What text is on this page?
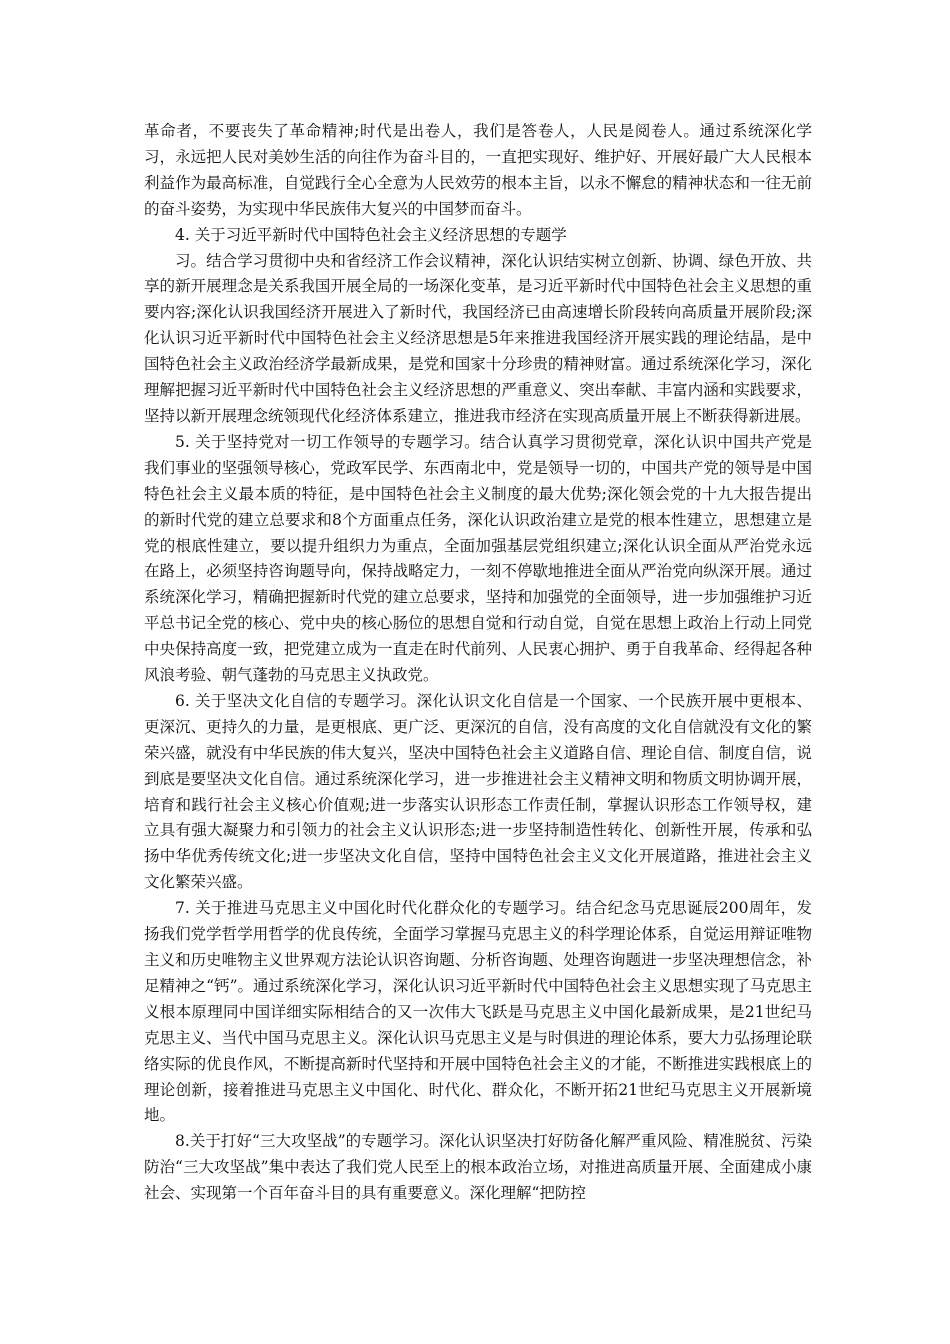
革命者，不要丧失了革命精神;时代是出卷人，我们是答卷人，人民是阅卷人。通过系统深化学习，永远把人民对美妙生活的向往作为奋斗目的，一直把实现好、维护好、开展好最广大人民根本利益作为最高标准，自觉践行全心全意为人民效劳的根本主旨，以永不懈怠的精神状态和一往无前的奋斗姿势，为实现中华民族伟大复兴的中国梦而奋斗。

4. 关于习近平新时代中国特色社会主义经济思想的专题学

习。结合学习贯彻中央和省经济工作会议精神，深化认识结实树立创新、协调、绿色开放、共享的新开展理念是关系我国开展全局的一场深化变革，是习近平新时代中国特色社会主义思想的重要内容;深化认识我国经济开展进入了新时代，我国经济已由高速增长阶段转向高质量开展阶段;深化认识习近平新时代中国特色社会主义经济思想是5年来推进我国经济开展实践的理论结晶，是中国特色社会主义政治经济学最新成果，是党和国家十分珍贵的精神财富。通过系统深化学习，深化理解把握习近平新时代中国特色社会主义经济思想的严重意义、突出奉献、丰富内涵和实践要求，坚持以新开展理念统领现代化经济体系建立，推进我市经济在实现高质量开展上不断获得新进展。

5. 关于坚持党对一切工作领导的专题学习。结合认真学习贯彻党章，深化认识中国共产党是我们事业的坚强领导核心，党政军民学、东西南北中，党是领导一切的，中国共产党的领导是中国特色社会主义最本质的特征，是中国特色社会主义制度的最大优势;深化领会党的十九大报告提出的新时代党的建立总要求和8个方面重点任务，深化认识政治建立是党的根本性建立，思想建立是党的根底性建立，要以提升组织力为重点，全面加强基层党组织建立;深化认识全面从严治党永远在路上，必须坚持咨询题导向，保持战略定力，一刻不停歇地推进全面从严治党向纵深开展。通过系统深化学习，精确把握新时代党的建立总要求，坚持和加强党的全面领导，进一步加强维护习近平总书记全党的核心、党中央的核心肠位的思想自觉和行动自觉，自觉在思想上政治上行动上同党中央保持高度一致，把党建立成为一直走在时代前列、人民衷心拥护、勇于自我革命、经得起各种风浪考验、朝气蓬勃的马克思主义执政党。

6. 关于坚决文化自信的专题学习。深化认识文化自信是一个国家、一个民族开展中更根本、更深沉、更持久的力量，是更根底、更广泛、更深沉的自信，没有高度的文化自信就没有文化的繁荣兴盛，就没有中华民族的伟大复兴，坚决中国特色社会主义道路自信、理论自信、制度自信，说到底是要坚决文化自信。通过系统深化学习，进一步推进社会主义精神文明和物质文明协调开展，培育和践行社会主义核心价值观;进一步落实认识形态工作责任制，掌握认识形态工作领导权，建立具有强大凝聚力和引领力的社会主义认识形态;进一步坚持制造性转化、创新性开展，传承和弘扬中华优秀传统文化;进一步坚决文化自信，坚持中国特色社会主义文化开展道路，推进社会主义文化繁荣兴盛。

7. 关于推进马克思主义中国化时代化群众化的专题学习。结合纪念马克思诞辰200周年，发扬我们党学哲学用哲学的优良传统，全面学习掌握马克思主义的科学理论体系，自觉运用辩证唯物主义和历史唯物主义世界观方法论认识咨询题、分析咨询题、处理咨询题进一步坚决理想信念，补足精神之“钙”。通过系统深化学习，深化认识习近平新时代中国特色社会主义思想实现了马克思主义根本原理同中国详细实际相结合的又一次伟大飞跃是马克思主义中国化最新成果，是21世纪马克思主义、当代中国马克思主义。深化认识马克思主义是与时俱进的理论体系，要大力弘扬理论联络实际的优良作风，不断提高新时代坚持和开展中国特色社会主义的才能，不断推进实践根底上的理论创新，接着推进马克思主义中国化、时代化、群众化，不断开拓21世纪马克思主义开展新境地。

8.关于打好“三大攻坚战”的专题学习。深化认识坚决打好防备化解严重风险、精准脱贫、污染防治“三大攻坚战”集中表达了我们党人民至上的根本政治立场，对推进高质量开展、全面建成小康社会、实现第一个百年奋斗目的具有重要意义。深化理解“把防控
